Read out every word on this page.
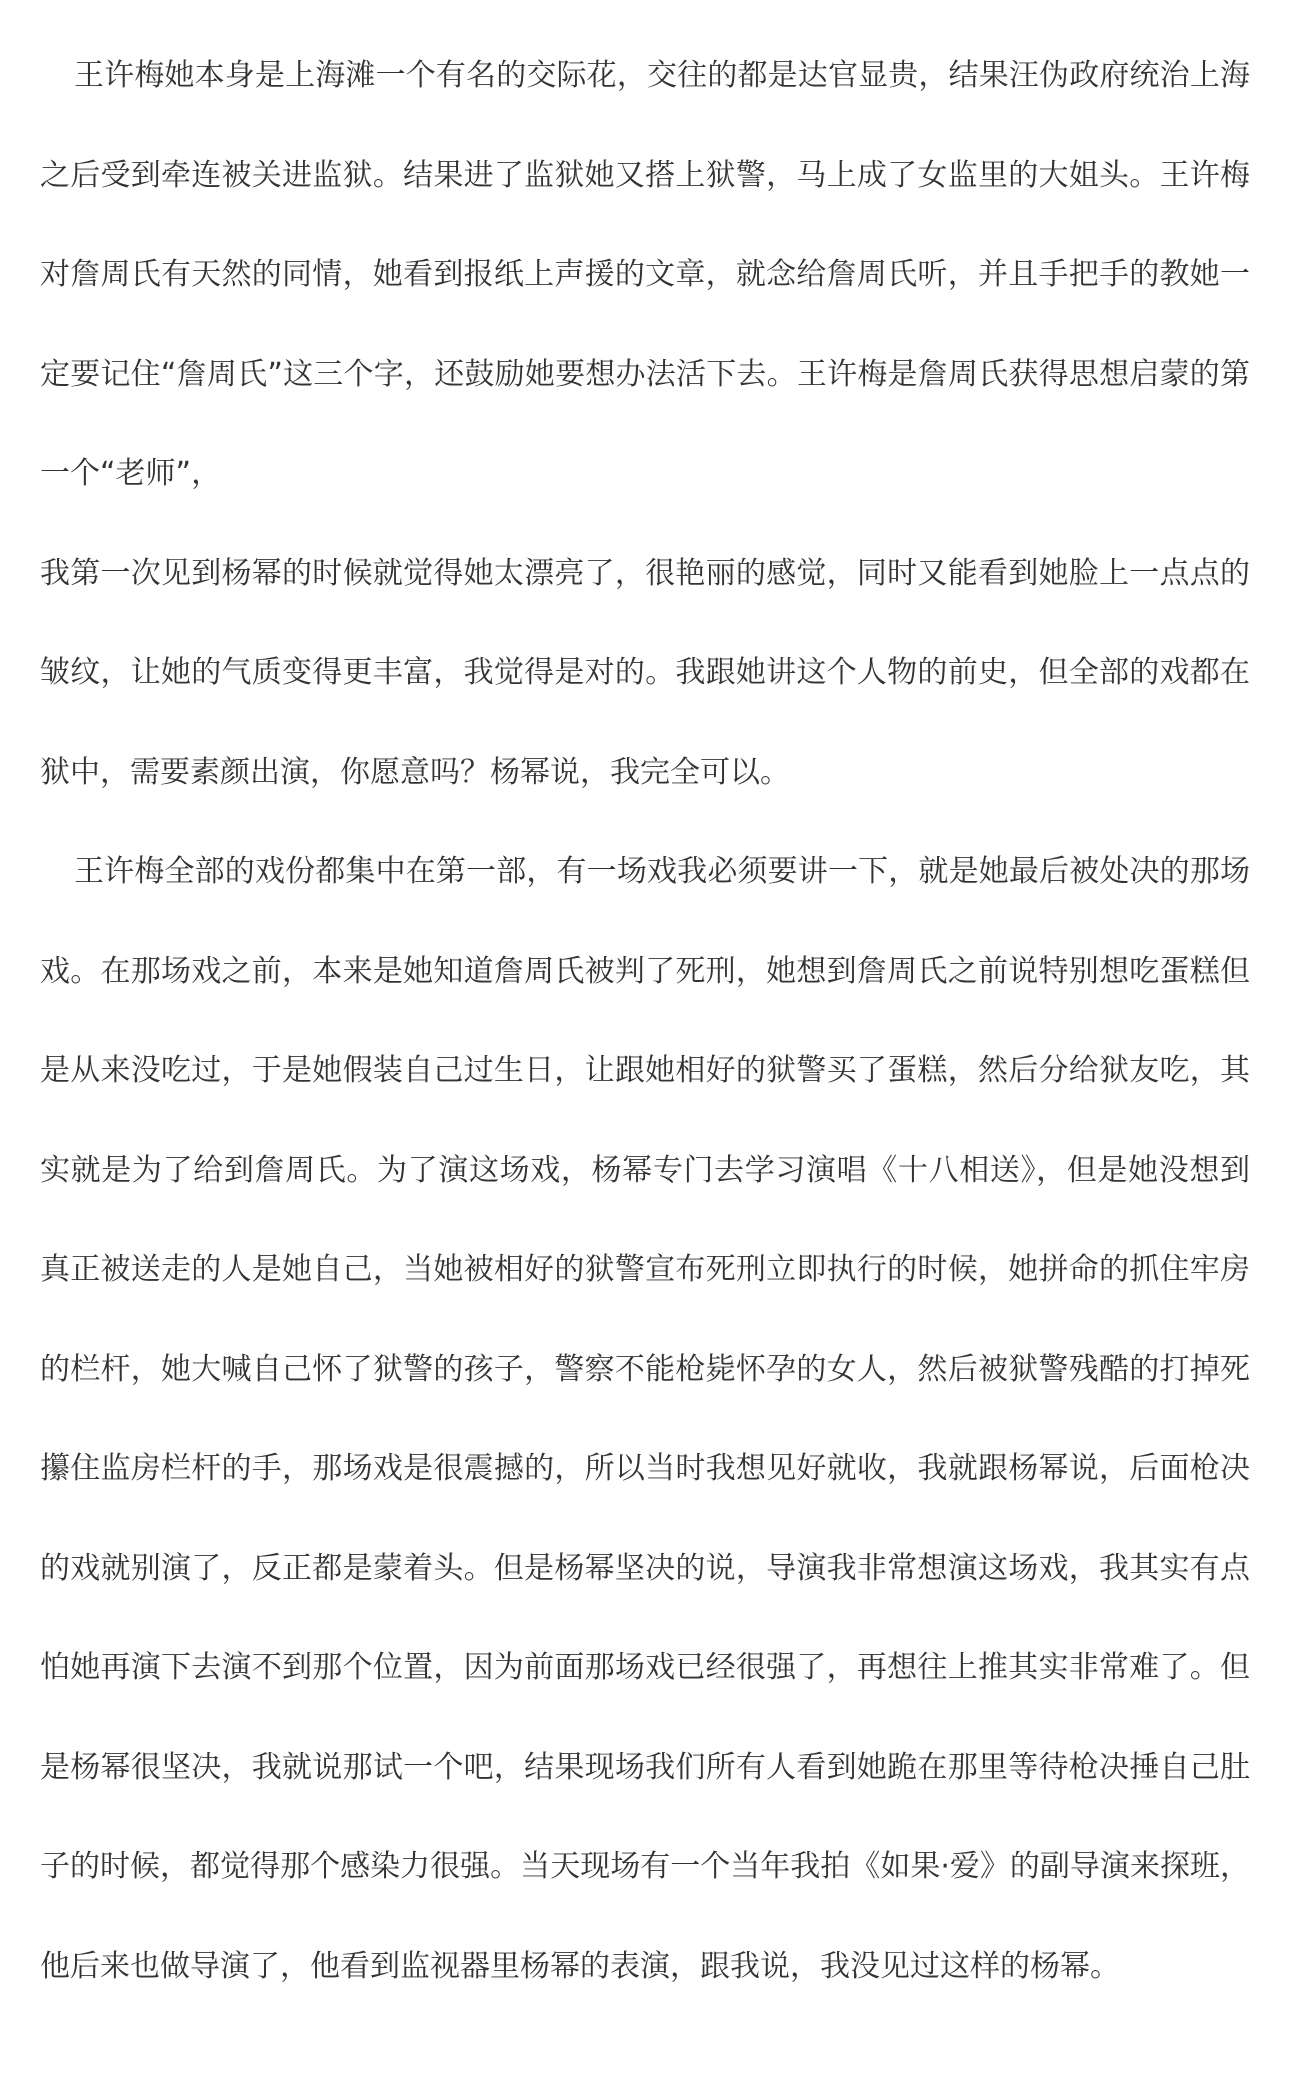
王许梅她本身是上海滩一个有名的交际花，交往的都是达官显贵，结果汪伪政府统治上海之后受到牵连被关进监狱。结果进了监狱她又搭上狱警，马上成了女监里的大姐头。王许梅对詹周氏有天然的同情，她看到报纸上声援的文章，就念给詹周氏听，并且手把手的教她一定要记住“詹周氏”这三个字，还鼓励她要想办法活下去。王许梅是詹周氏获得思想启蒙的第一个“老师”，

我第一次见到杨幂的时候就觉得她太漂亮了，很艳丽的感觉，同时又能看到她脸上一点点的皱纹，让她的气质变得更丰富，我觉得是对的。我跟她讲这个人物的前史，但全部的戏都在狱中，需要素颜出演，你愿意吗？杨幂说，我完全可以。

王许梅全部的戏份都集中在第一部，有一场戏我必须要讲一下，就是她最后被处决的那场戏。在那场戏之前，本来是她知道詹周氏被判了死刑，她想到詹周氏之前说特别想吃蛋糕但是从来没吃过，于是她假装自己过生日，让跟她相好的狱警买了蛋糕，然后分给狱友吃，其实就是为了给到詹周氏。为了演这场戏，杨幂专门去学习演唱《十八相送》，但是她没想到真正被送走的人是她自己，当她被相好的狱警宣布死刑立即执行的时候，她拼命的抓住牢房的栏杆，她大喊自己怀了狱警的孩子，警察不能枪毙怀孕的女人，然后被狱警残酷的打掉死攥住监房栏杆的手，那场戏是很震撼的，所以当时我想见好就收，我就跟杨幂说，后面枪决的戏就别演了，反正都是蒙着头。但是杨幂坚决的说，导演我非常想演这场戏，我其实有点怕她再演下去演不到那个位置，因为前面那场戏已经很强了，再想往上推其实非常难了。但是杨幂很坚决，我就说那试一个吧，结果现场我们所有人看到她跪在那里等待枪决捶自己肚子的时候，都觉得那个感染力很强。当天现场有一个当年我拍《如果·爱》的副导演来探班，他后来也做导演了，他看到监视器里杨幂的表演，跟我说，我没见过这样的杨幂。
